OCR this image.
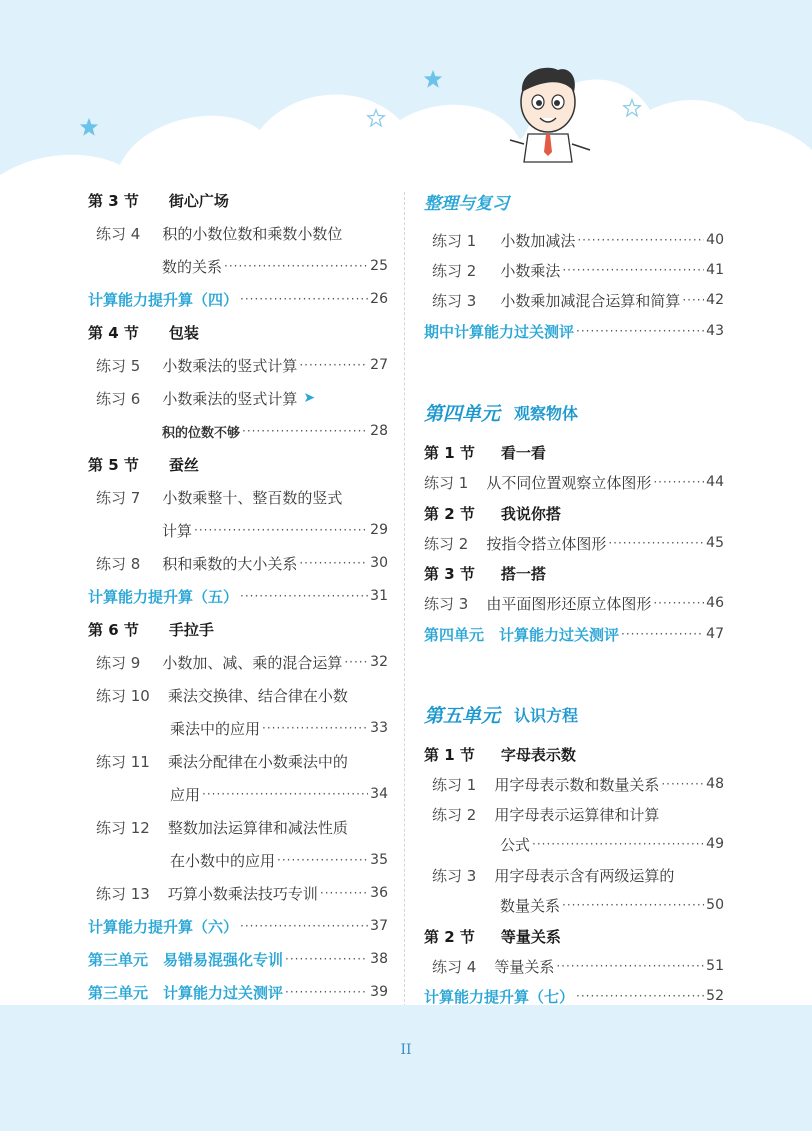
第 3 节 街心广场
练习 4 积的小数位数和乘数小数位
数的关系 ·····	25
计算能力提升算（四） ·····	26
第 4 节 包装
练习 5 小数乘法的竖式计算 ·····	27
练习 6 小数乘法的竖式计算 ➤
积的位数不够 ·····	28
第 5 节 蚕丝
练习 7 小数乘整十、整百数的竖式
计算 ·····	29
练习 8 积和乘数的大小关系 ·····	30
计算能力提升算（五） ·····	31
第 6 节 手拉手
练习 9 小数加、减、乘的混合运算 ····· 32
练习 10 乘法交换律、结合律在小数
乘法中的应用 ·····	33
练习 11 乘法分配律在小数乘法中的
应用 ·····	34
练习 12 整数加法运算律和减法性质
在小数中的应用 ·····	35
练习 13 巧算小数乘法技巧专训 ·····	36
计算能力提升算（六） ·····	37
第三单元　易错易混强化专训 ·····	38
第三单元　计算能力过关测评 ·····	39
整理与复习
练习 1 小数加减法 ·····	40
练习 2 小数乘法 ·····	41
练习 3 小数乘加减混合运算和简算 ····· 42
期中计算能力过关测评 ·····	43
第四单元 观察物体
第 1 节 看一看
练习 1 从不同位置观察立体图形 ·····	44
第 2 节 我说你搭
练习 2 按指令搭立体图形 ·····	45
第 3 节 搭一搭
练习 3 由平面图形还原立体图形 ·····	46
第四单元　计算能力过关测评 ·····	47
第五单元 认识方程
第 1 节 字母表示数
练习 1 用字母表示数和数量关系 ·····	48
练习 2 用字母表示运算律和计算
公式 ·····	49
练习 3 用字母表示含有两级运算的
数量关系 ·····	50
第 2 节 等量关系
练习 4 等量关系 ·····	51
计算能力提升算（七） ·····	52
II
